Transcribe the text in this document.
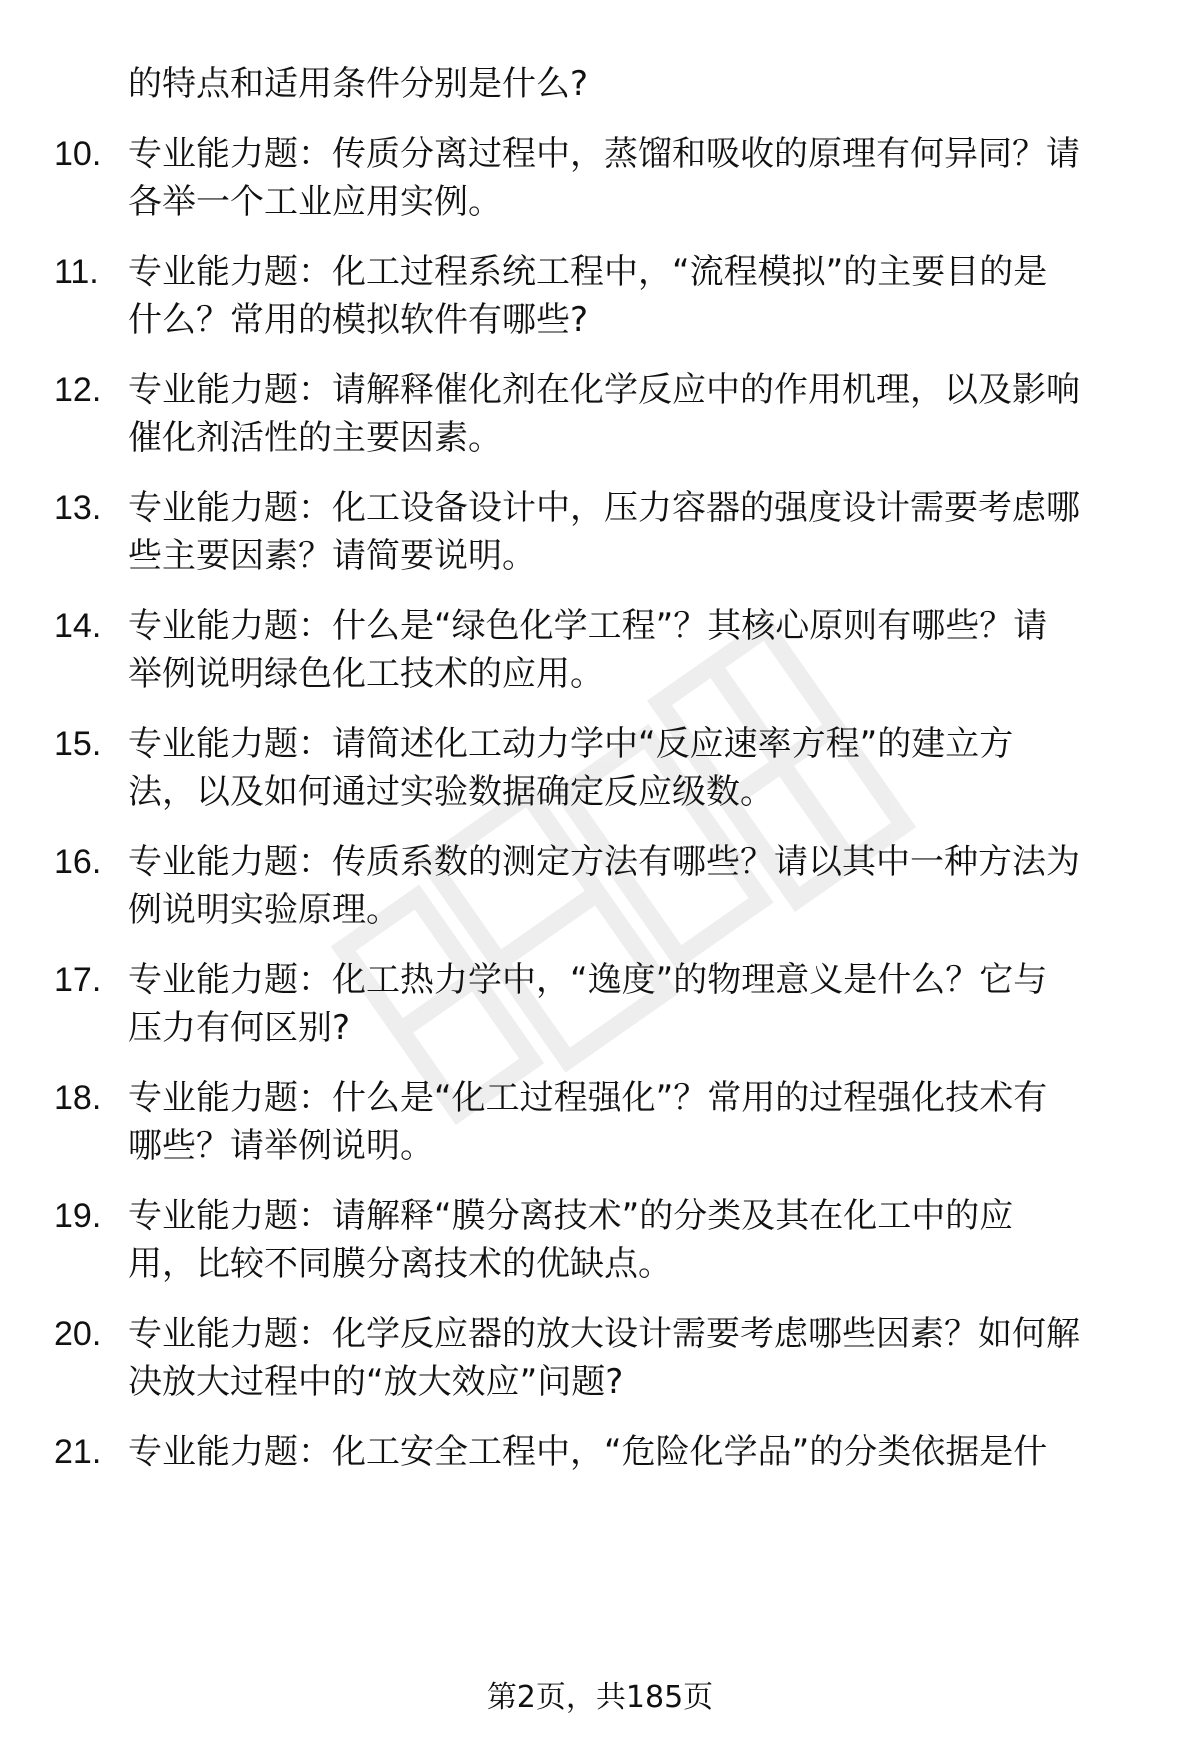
的特点和适用条件分别是什么?
10. 专业能力题：传质分离过程中，蒸馏和吸收的原理有何异同？请
各举一个工业应用实例。
11. 专业能力题：化工过程系统工程中，“流程模拟”的主要目的是
什么？常用的模拟软件有哪些?
12. 专业能力题：请解释催化剂在化学反应中的作用机理，以及影响
催化剂活性的主要因素。
13. 专业能力题：化工设备设计中，压力容器的强度设计需要考虑哪
些主要因素？请简要说明。
14. 专业能力题：什么是“绿色化学工程”？其核心原则有哪些？请
举例说明绿色化工技术的应用。
15. 专业能力题：请简述化工动力学中“反应速率方程”的建立方
法，以及如何通过实验数据确定反应级数。
16. 专业能力题：传质系数的测定方法有哪些？请以其中一种方法为
例说明实验原理。
17. 专业能力题：化工热力学中，“逸度”的物理意义是什么？它与
压力有何区别?
18. 专业能力题：什么是“化工过程强化”？常用的过程强化技术有
哪些？请举例说明。
19. 专业能力题：请解释“膜分离技术”的分类及其在化工中的应
用，比较不同膜分离技术的优缺点。
20. 专业能力题：化学反应器的放大设计需要考虑哪些因素？如何解
决放大过程中的“放大效应”问题?
21. 专业能力题：化工安全工程中，“危险化学品”的分类依据是什
第2页，共185页
